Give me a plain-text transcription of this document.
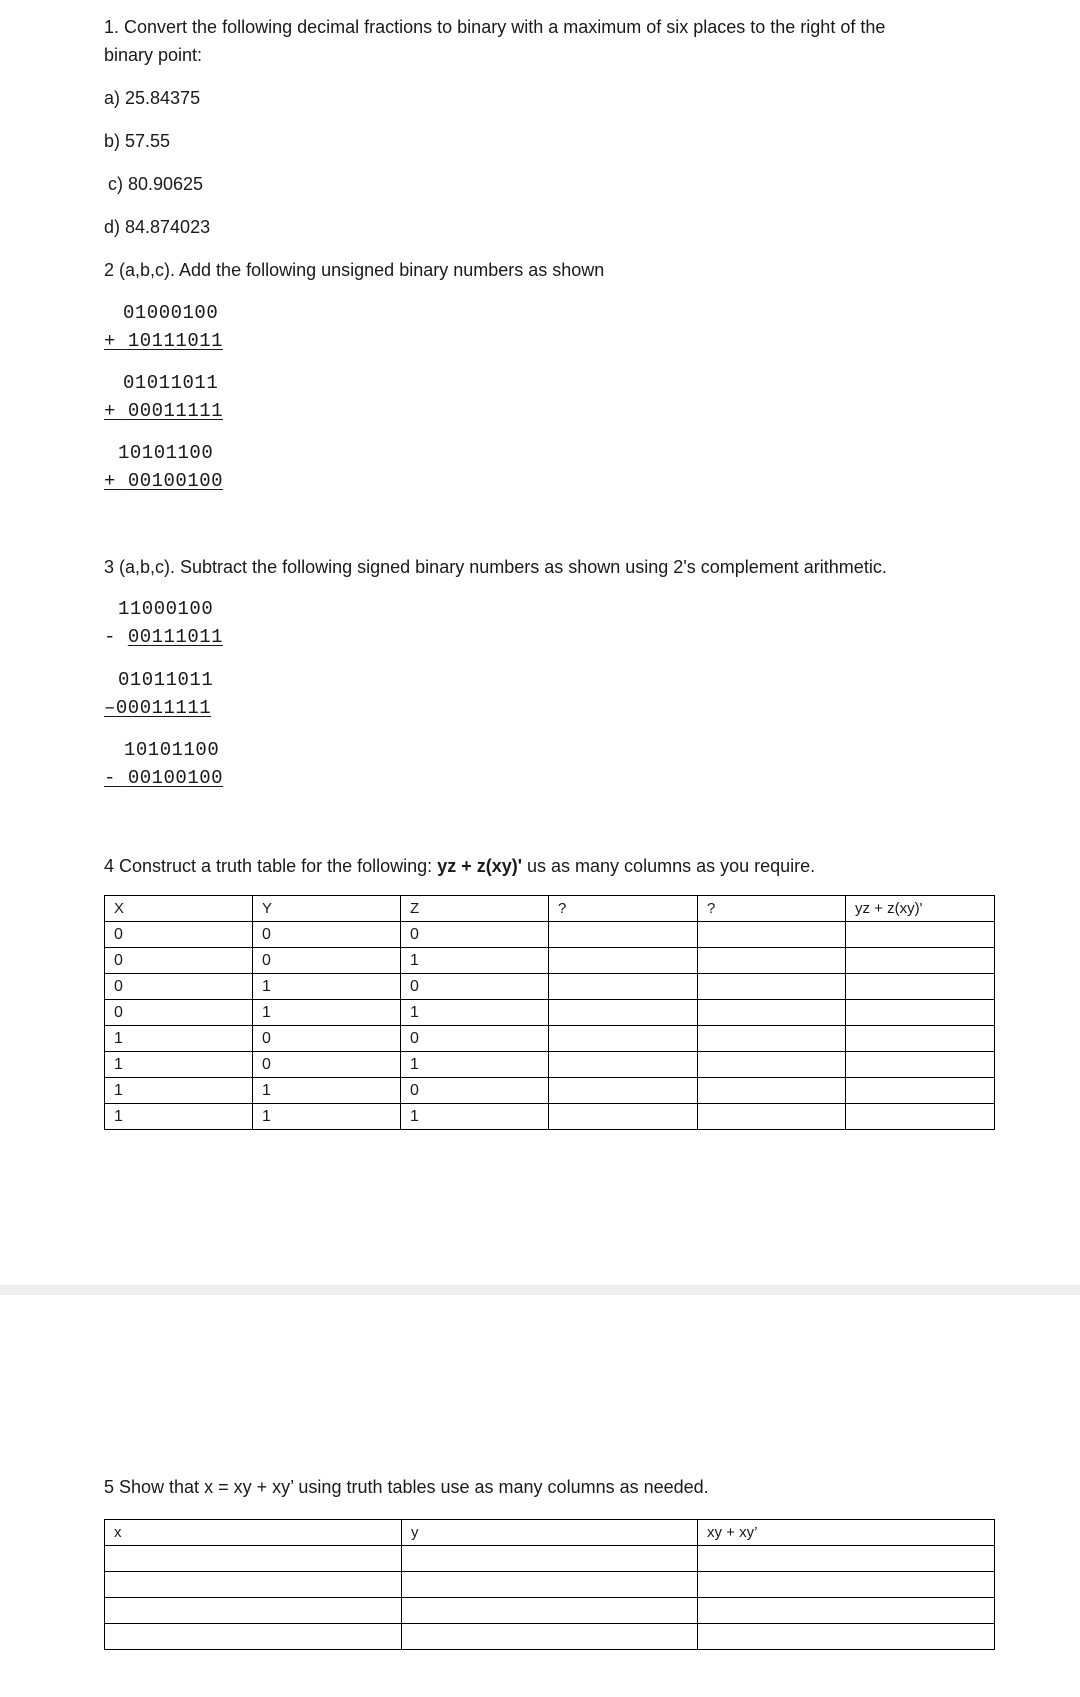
1. Convert the following decimal fractions to binary with a maximum of six places to the right of the
binary point:
a) 25.84375
b) 57.55
c) 80.90625
d) 84.874023
2 (a,b,c). Add the following unsigned binary numbers as shown
01000100
+ 10111011
01011011
+ 00011111
10101100
+ 00100100
3 (a,b,c). Subtract the following signed binary numbers as shown using 2's complement arithmetic.
11000100
- 00111011
01011011
–00011111
10101100
- 00100100
4 Construct a truth table for the following: yz + z(xy)' us as many columns as you require.
X	Y	Z	?	?	yz + z(xy)'
0	0	0			
0	0	1			
0	1	0			
0	1	1			
1	0	0			
1	0	1			
1	1	0			
1	1	1			
5 Show that x = xy + xy’ using truth tables use as many columns as needed.
x	y	xy + xy’
